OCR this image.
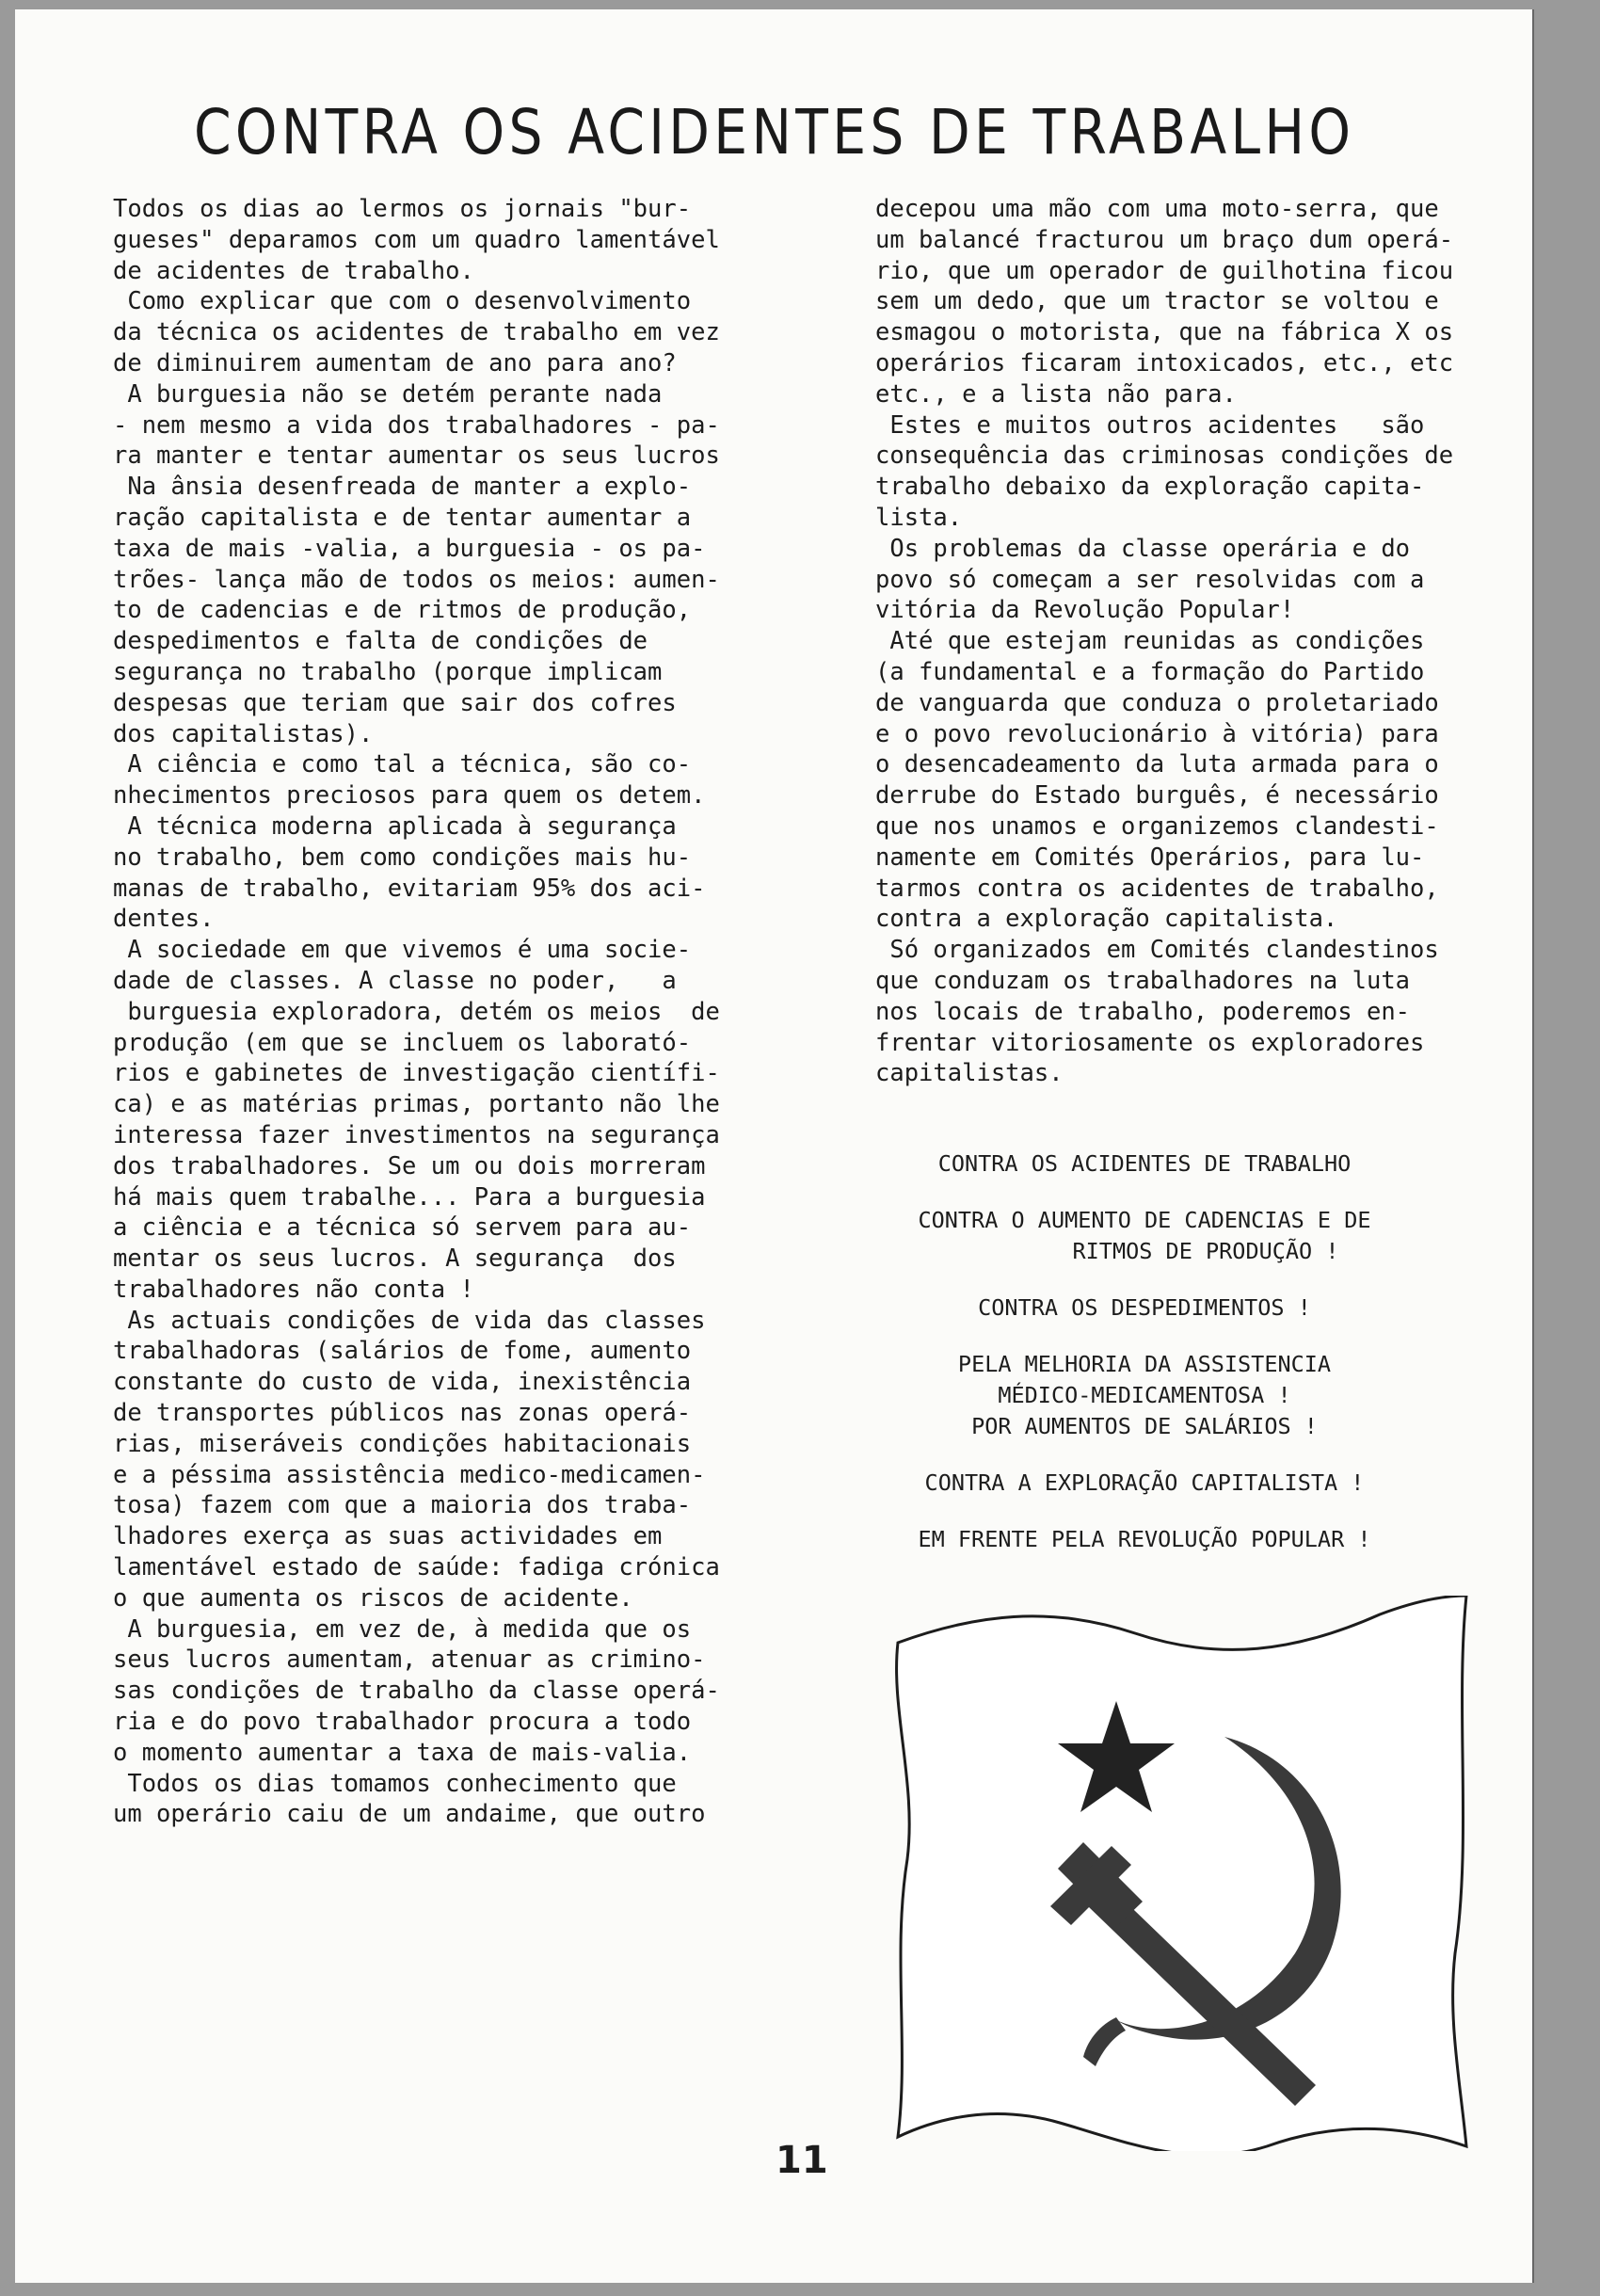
CONTRA OS ACIDENTES DE TRABALHO
Todos os dias ao lermos os jornais "bur-
gueses" deparamos com um quadro lamentável
de acidentes de trabalho.
Como explicar que com o desenvolvimento
da técnica os acidentes de trabalho em vez
de diminuirem aumentam de ano para ano?
A burguesia não se detém perante nada
- nem mesmo a vida dos trabalhadores - pa-
ra manter e tentar aumentar os seus lucros
Na ânsia desenfreada de manter a explo-
ração capitalista e de tentar aumentar a
taxa de mais -valia, a burguesia - os pa-
trões- lança mão de todos os meios: aumen-
to de cadencias e de ritmos de produção,
despedimentos e falta de condições de
segurança no trabalho (porque implicam
despesas que teriam que sair dos cofres
dos capitalistas).
A ciência e como tal a técnica, são co-
nhecimentos preciosos para quem os detem.
A técnica moderna aplicada à segurança
no trabalho, bem como condições mais hu-
manas de trabalho, evitariam 95% dos aci-
dentes.
A sociedade em que vivemos é uma socie-
dade de classes. A classe no poder,   a
burguesia exploradora, detém os meios  de
produção (em que se incluem os laborató-
rios e gabinetes de investigação científi-
ca) e as matérias primas, portanto não lhe
interessa fazer investimentos na segurança
dos trabalhadores. Se um ou dois morreram
há mais quem trabalhe... Para a burguesia
a ciência e a técnica só servem para au-
mentar os seus lucros. A segurança  dos
trabalhadores não conta !
As actuais condições de vida das classes
trabalhadoras (salários de fome, aumento
constante do custo de vida, inexistência
de transportes públicos nas zonas operá-
rias, miseráveis condições habitacionais
e a péssima assistência medico-medicamen-
tosa) fazem com que a maioria dos traba-
lhadores exerça as suas actividades em
lamentável estado de saúde: fadiga crónica
o que aumenta os riscos de acidente.
A burguesia, em vez de, à medida que os
seus lucros aumentam, atenuar as crimino-
sas condições de trabalho da classe operá-
ria e do povo trabalhador procura a todo
o momento aumentar a taxa de mais-valia.
Todos os dias tomamos conhecimento que
um operário caiu de um andaime, que outro
decepou uma mão com uma moto-serra, que
um balancé fracturou um braço dum operá-
rio, que um operador de guilhotina ficou
sem um dedo, que um tractor se voltou e
esmagou o motorista, que na fábrica X os
operários ficaram intoxicados, etc., etc
etc., e a lista não para.
Estes e muitos outros acidentes   são
consequência das criminosas condições de
trabalho debaixo da exploração capita-
lista.
Os problemas da classe operária e do
povo só começam a ser resolvidas com a
vitória da Revolução Popular!
Até que estejam reunidas as condições
(a fundamental e a formação do Partido
de vanguarda que conduza o proletariado
e o povo revolucionário à vitória) para
o desencadeamento da luta armada para o
derrube do Estado burguês, é necessário
que nos unamos e organizemos clandesti-
namente em Comités Operários, para lu-
tarmos contra os acidentes de trabalho,
contra a exploração capitalista.
Só organizados em Comités clandestinos
que conduzam os trabalhadores na luta
nos locais de trabalho, poderemos en-
frentar vitoriosamente os exploradores
capitalistas.
CONTRA OS ACIDENTES DE TRABALHO
CONTRA O AUMENTO DE CADENCIAS E DE
RITMOS DE PRODUÇÃO !
CONTRA OS DESPEDIMENTOS !
PELA MELHORIA DA ASSISTENCIA
MÉDICO-MEDICAMENTOSA !
POR AUMENTOS DE SALÁRIOS !
CONTRA A EXPLORAÇÃO CAPITALISTA !
EM FRENTE PELA REVOLUÇÃO POPULAR !
11
